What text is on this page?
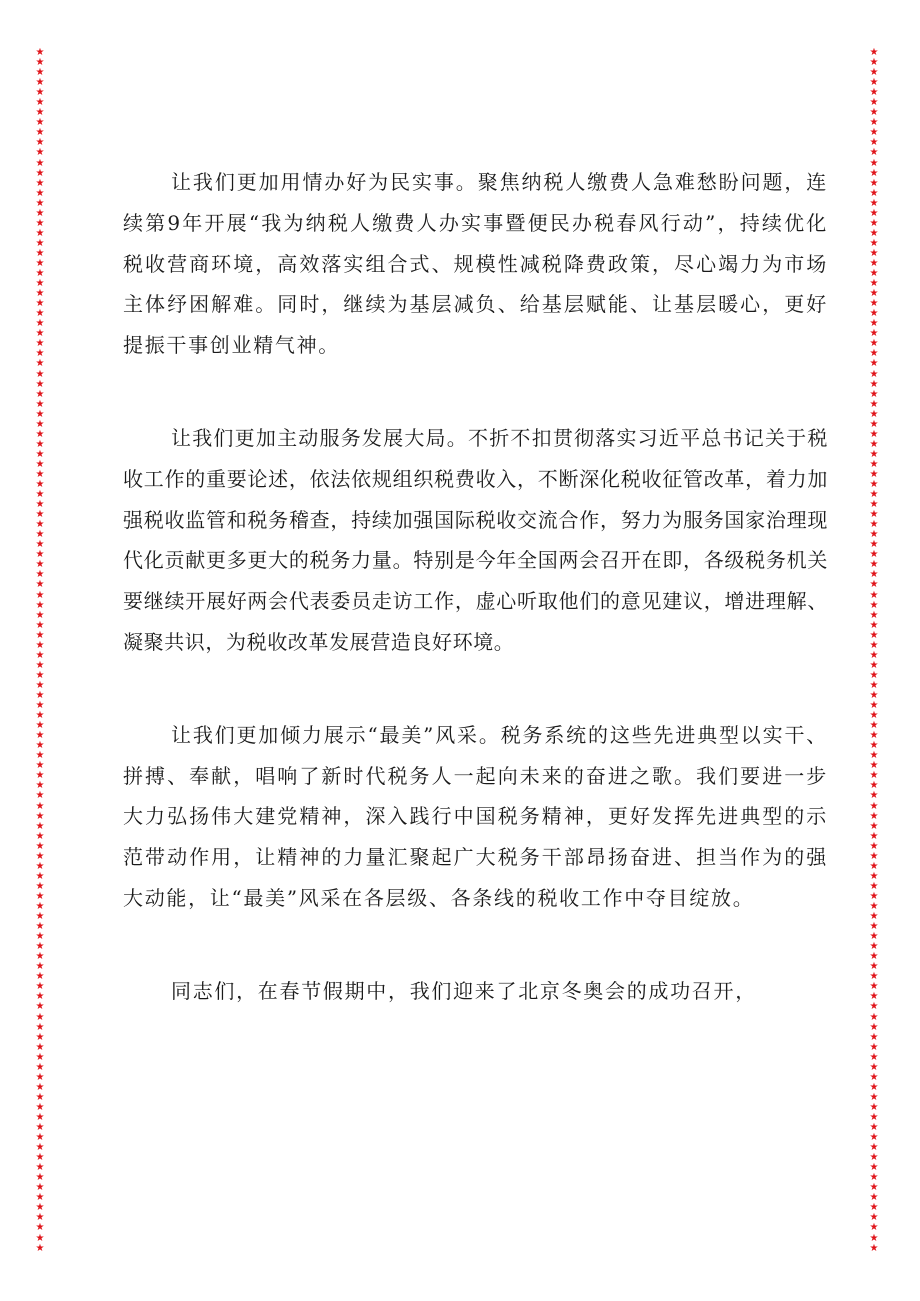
★
★
★
★
★
★
★
★
★
★
★
★
★
★
★
★
★
★
★
★
★
★
★
★
★
★
★
★
★
★
★
★
★
★
★
★
★
★
★
★
★
★
★
★
★
★
★
★
★
★
★
★
★
★
★
★
★
★
★
★
★
★
★
★
★
★
★
★
★
★
★
★
★
★
★
★
★
★
★
★
★
★
★
★
★
★
★
★
★
★
★
★
★
★
★
★
★
★
★
★
★
★
★
★
★
★
★
★
★
★
★
★
★
★
★
★
★
★
★
★
★
★
★
★
★
★
★
★
★
★
★
★
★
★
★
★
★
★
★
★
★
★
★
★
★
★
★
★
★
★
★
★
★
★
★
★
★
★
★
★
★
★
★
★
★
★
★
★
★
★
★
★
★
★
★
★
★
★
★
★
★
★
★
★
★
★
★
★
★
★
★
★
★
★
★
★
★
★
★
★
★
★
★
★
★
★
★
★
★
★
★
★
★
★
★
★
★
★
★
★
★
★
★
★
★
★
★
★
★
★
★
★
★
★
★
★
★
★
★
★

让我们更加用情办好为民实事。聚焦纳税人缴费人急难愁盼问题，连续第9年开展“我为纳税人缴费人办实事暨便民办税春风行动”，持续优化税收营商环境，高效落实组合式、规模性减税降费政策，尽心竭力为市场主体纾困解难。同时，继续为基层减负、给基层赋能、让基层暖心，更好提振干事创业精气神。

让我们更加主动服务发展大局。不折不扣贯彻落实习近平总书记关于税收工作的重要论述，依法依规组织税费收入，不断深化税收征管改革，着力加强税收监管和税务稽查，持续加强国际税收交流合作，努力为服务国家治理现代化贡献更多更大的税务力量。特别是今年全国两会召开在即，各级税务机关要继续开展好两会代表委员走访工作，虚心听取他们的意见建议，增进理解、凝聚共识，为税收改革发展营造良好环境。

让我们更加倾力展示“最美”风采。税务系统的这些先进典型以实干、拼搏、奉献，唱响了新时代税务人一起向未来的奋进之歌。我们要进一步大力弘扬伟大建党精神，深入践行中国税务精神，更好发挥先进典型的示范带动作用，让精神的力量汇聚起广大税务干部昂扬奋进、担当作为的强大动能，让“最美”风采在各层级、各条线的税收工作中夺目绽放。

同志们，在春节假期中，我们迎来了北京冬奥会的成功召开，
